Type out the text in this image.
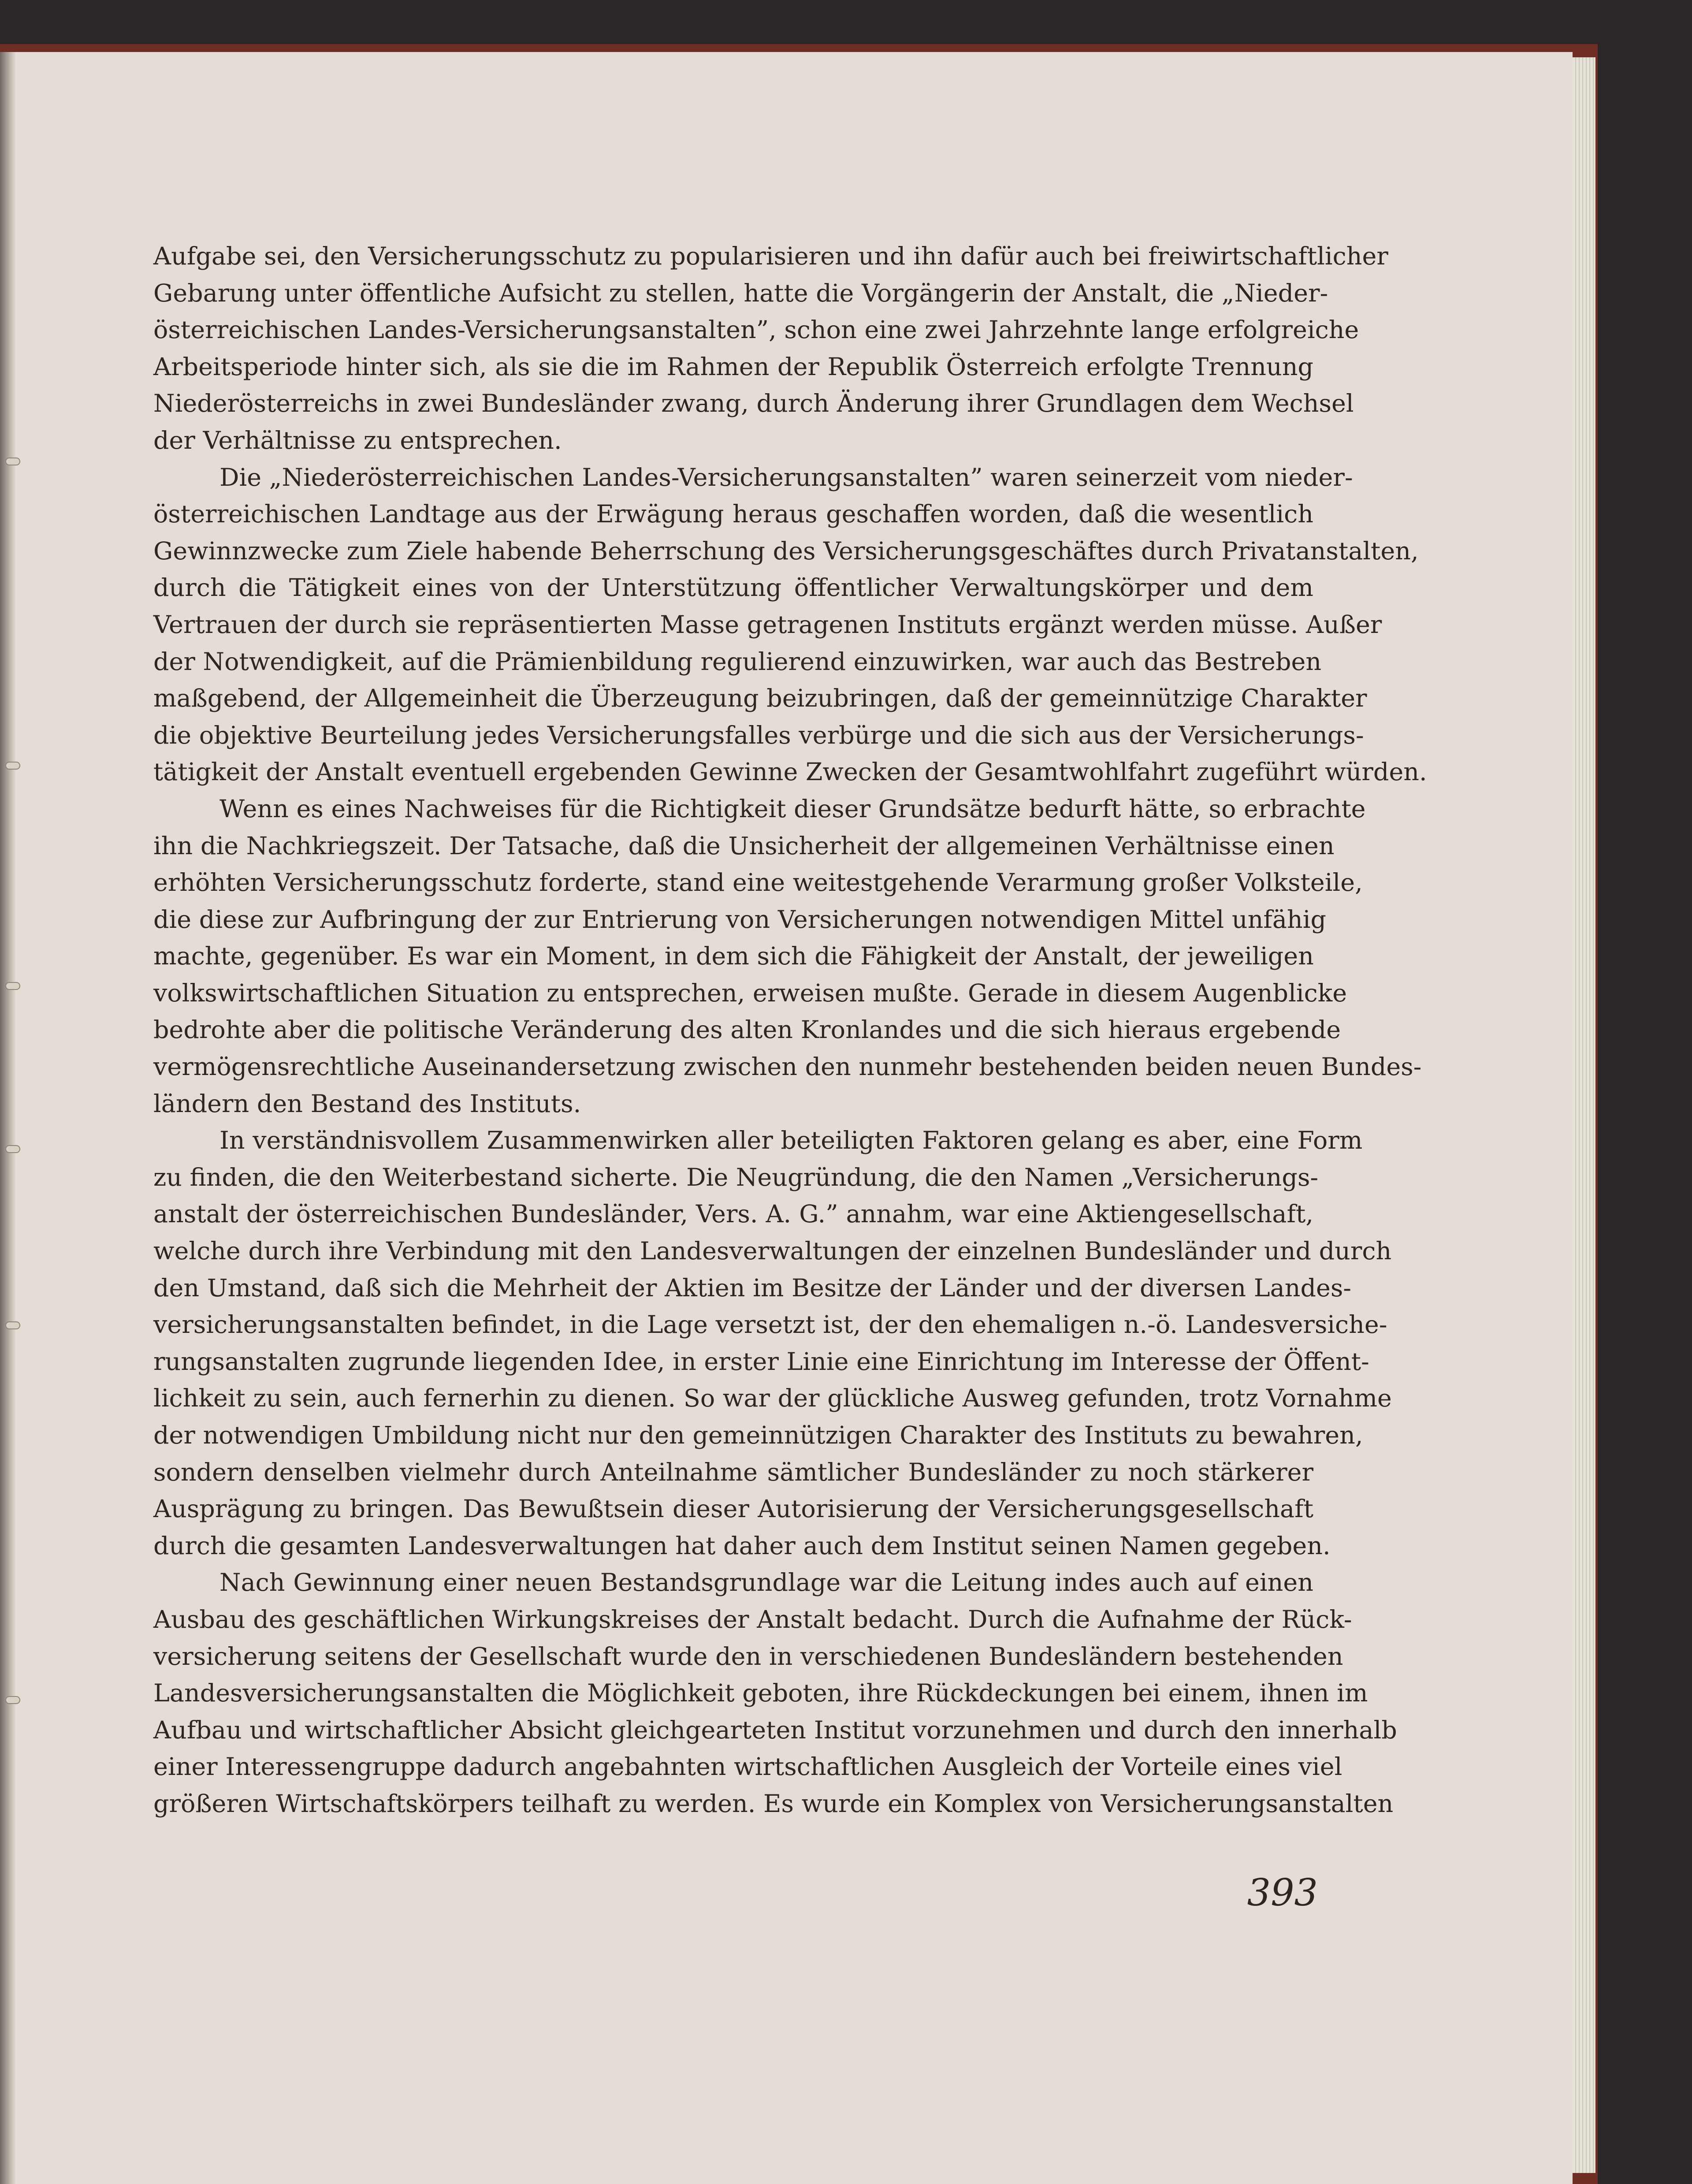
Aufgabe sei, den Versicherungsschutz zu popularisieren und ihn dafür auch bei freiwirtschaftlicher
Gebarung unter öffentliche Aufsicht zu stellen, hatte die Vorgängerin der Anstalt, die „Nieder-
österreichischen Landes-Versicherungsanstalten”, schon eine zwei Jahrzehnte lange erfolgreiche
Arbeitsperiode hinter sich, als sie die im Rahmen der Republik Österreich erfolgte Trennung
Niederösterreichs in zwei Bundesländer zwang, durch Änderung ihrer Grundlagen dem Wechsel
der Verhältnisse zu entsprechen.
Die „Niederösterreichischen Landes-Versicherungsanstalten” waren seinerzeit vom nieder-
österreichischen Landtage aus der Erwägung heraus geschaffen worden, daß die wesentlich
Gewinnzwecke zum Ziele habende Beherrschung des Versicherungsgeschäftes durch Privatanstalten,
durch die Tätigkeit eines von der Unterstützung öffentlicher Verwaltungskörper und dem
Vertrauen der durch sie repräsentierten Masse getragenen Instituts ergänzt werden müsse. Außer
der Notwendigkeit, auf die Prämienbildung regulierend einzuwirken, war auch das Bestreben
maßgebend, der Allgemeinheit die Überzeugung beizubringen, daß der gemeinnützige Charakter
die objektive Beurteilung jedes Versicherungsfalles verbürge und die sich aus der Versicherungs-
tätigkeit der Anstalt eventuell ergebenden Gewinne Zwecken der Gesamtwohlfahrt zugeführt würden.
Wenn es eines Nachweises für die Richtigkeit dieser Grundsätze bedurft hätte, so erbrachte
ihn die Nachkriegszeit. Der Tatsache, daß die Unsicherheit der allgemeinen Verhältnisse einen
erhöhten Versicherungsschutz forderte, stand eine weitestgehende Verarmung großer Volksteile,
die diese zur Aufbringung der zur Entrierung von Versicherungen notwendigen Mittel unfähig
machte, gegenüber. Es war ein Moment, in dem sich die Fähigkeit der Anstalt, der jeweiligen
volkswirtschaftlichen Situation zu entsprechen, erweisen mußte. Gerade in diesem Augenblicke
bedrohte aber die politische Veränderung des alten Kronlandes und die sich hieraus ergebende
vermögensrechtliche Auseinandersetzung zwischen den nunmehr bestehenden beiden neuen Bundes-
ländern den Bestand des Instituts.
In verständnisvollem Zusammenwirken aller beteiligten Faktoren gelang es aber, eine Form
zu finden, die den Weiterbestand sicherte. Die Neugründung, die den Namen „Versicherungs-
anstalt der österreichischen Bundesländer, Vers. A. G.” annahm, war eine Aktiengesellschaft,
welche durch ihre Verbindung mit den Landesverwaltungen der einzelnen Bundesländer und durch
den Umstand, daß sich die Mehrheit der Aktien im Besitze der Länder und der diversen Landes-
versicherungsanstalten befindet, in die Lage versetzt ist, der den ehemaligen n.-ö. Landesversiche-
rungsanstalten zugrunde liegenden Idee, in erster Linie eine Einrichtung im Interesse der Öffent-
lichkeit zu sein, auch fernerhin zu dienen. So war der glückliche Ausweg gefunden, trotz Vornahme
der notwendigen Umbildung nicht nur den gemeinnützigen Charakter des Instituts zu bewahren,
sondern denselben vielmehr durch Anteilnahme sämtlicher Bundesländer zu noch stärkerer
Ausprägung zu bringen. Das Bewußtsein dieser Autorisierung der Versicherungsgesellschaft
durch die gesamten Landesverwaltungen hat daher auch dem Institut seinen Namen gegeben.
Nach Gewinnung einer neuen Bestandsgrundlage war die Leitung indes auch auf einen
Ausbau des geschäftlichen Wirkungskreises der Anstalt bedacht. Durch die Aufnahme der Rück-
versicherung seitens der Gesellschaft wurde den in verschiedenen Bundesländern bestehenden
Landesversicherungsanstalten die Möglichkeit geboten, ihre Rückdeckungen bei einem, ihnen im
Aufbau und wirtschaftlicher Absicht gleichgearteten Institut vorzunehmen und durch den innerhalb
einer Interessengruppe dadurch angebahnten wirtschaftlichen Ausgleich der Vorteile eines viel
größeren Wirtschaftskörpers teilhaft zu werden. Es wurde ein Komplex von Versicherungsanstalten
393
